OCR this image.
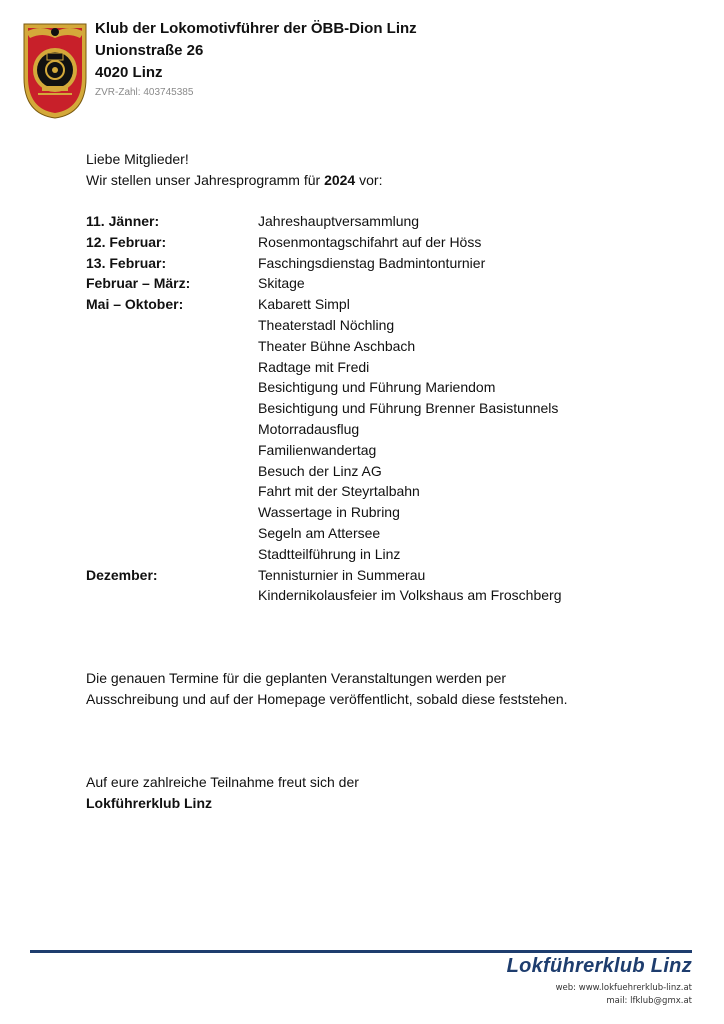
Klub der Lokomotivführer der ÖBB-Dion Linz
Unionstraße 26
4020 Linz
ZVR-Zahl: 403745385
Liebe Mitglieder!
Wir stellen unser Jahresprogramm für 2024 vor:
11. Jänner:	Jahreshauptversammlung
12. Februar:	Rosenmontagschifahrt auf der Höss
13. Februar:	Faschingsdienstag Badmintonturnier
Februar – März:	Skitage
Mai – Oktober:	Kabarett Simpl
Theaterstadl Nöchling
Theater Bühne Aschbach
Radtage mit Fredi
Besichtigung und Führung Mariendom
Besichtigung und Führung Brenner Basistunnels
Motorradausflug
Familienwandertag
Besuch der Linz AG
Fahrt mit der Steyrtalbahn
Wassertage in Rubring
Segeln am Attersee
Stadtteilführung in Linz
Dezember:	Tennisturnier in Summerau
Kindernikolausfeier im Volkshaus am Froschberg
Die genauen Termine für die geplanten Veranstaltungen werden per
Ausschreibung und auf der Homepage veröffentlicht, sobald diese feststehen.
Auf eure zahlreiche Teilnahme freut sich der
Lokführerklub Linz
Lokführerklub Linz
web: www.lokfuehrerklub-linz.at
mail: lfklub@gmx.at
